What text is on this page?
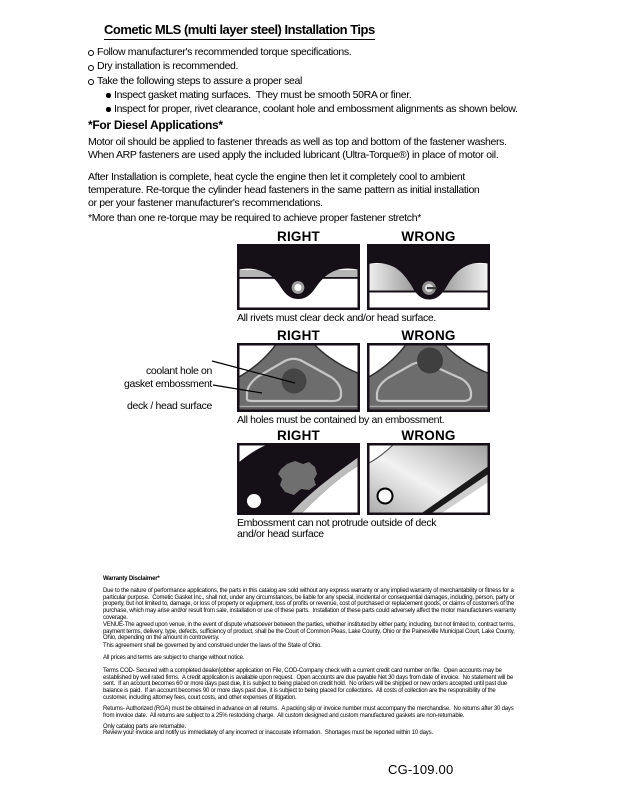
Cometic MLS (multi layer steel) Installation Tips
Follow manufacturer's recommended torque specifications.
Dry installation is recommended.
Take the following steps to assure a proper seal
Inspect gasket mating surfaces.  They must be smooth 50RA or finer.
Inspect for proper, rivet clearance, coolant hole and embossment alignments as shown below.
*For Diesel Applications*
Motor oil should be applied to fastener threads as well as top and bottom of the fastener washers.
When ARP fasteners are used apply the included lubricant (Ultra-Torque®) in place of motor oil.
After Installation is complete, heat cycle the engine then let it completely cool to ambient
temperature. Re-torque the cylinder head fasteners in the same pattern as initial installation
or per your fastener manufacturer's recommendations.
*More than one re-torque may be required to achieve proper fastener stretch*
RIGHT	WRONG
All rivets must clear deck and/or head surface.
RIGHT	WRONG

coolant hole on

deck / head surface

gasket embossment
All holes must be contained by an embossment.
RIGHT	WRONG
Embossment can not protrude outside of deck
and/or head surface
Warranty Disclaimer*
Due to the nature of performance applications, the parts in this catalog are sold without any express warranty or any implied warranty of merchantability or fitness for a particular purpose.  Cometic Gasket Inc., shall not, under any circumstances, be liable for any special, incidental or consequential damages, including, person, party or property, but not limited to, damage, or loss of property or equipment, loss of profits or revenue, cost of purchased or replacement goods, or claims of customers of the purchase, which may arise and/or result from sale, installation or use of these parts.  Installation of these parts could adversely affect the motor manufacturers warranty coverage.
VENUE-The agreed upon venue, in the event of dispute whatsoever between the parties, whether instituted by either party, including, but not limited to, contract terms, payment terms, delivery, type, defects, sufficiency of product, shall be the Court of Common Pleas, Lake County, Ohio or the Painesville Municipal Court, Lake County, Ohio, depending on the amount in controversy.
This agreement shall be governed by and construed under the laws of the State of Ohio.
All prices and terms are subject to change without notice.
Terms COD- Secured with a completed dealer/jobber application on File, COD-Company check with a current credit card number on file.  Open accounts may be established by well rated firms.  A credit application is available upon request.  Open accounts are due payable Net 30 days from date of invoice.  No statement will be sent.  If an account becomes 60 or more days past due, it is subject to being placed on credit hold.  No orders will be shipped or new orders accepted until past due balance is paid.  If an account becomes 90 or more days past due, it is subject to being placed for collections.  All costs of collection are the responsibility of the customer, including attorney fees, court costs, and other expenses of litigation.
Returns- Authorized (RGA) must be obtained in advance on all returns.  A packing slip or invoice number must accompany the merchandise.  No returns after 30 days from invoice date.  All returns are subject to a 25% restocking charge.  All custom designed and custom manufactured gaskets are non-returnable.
Only catalog parts are returnable.
Review your invoice and notify us immediately of any incorrect or inaccurate information.  Shortages must be reported within 10 days.
CG-109.00
